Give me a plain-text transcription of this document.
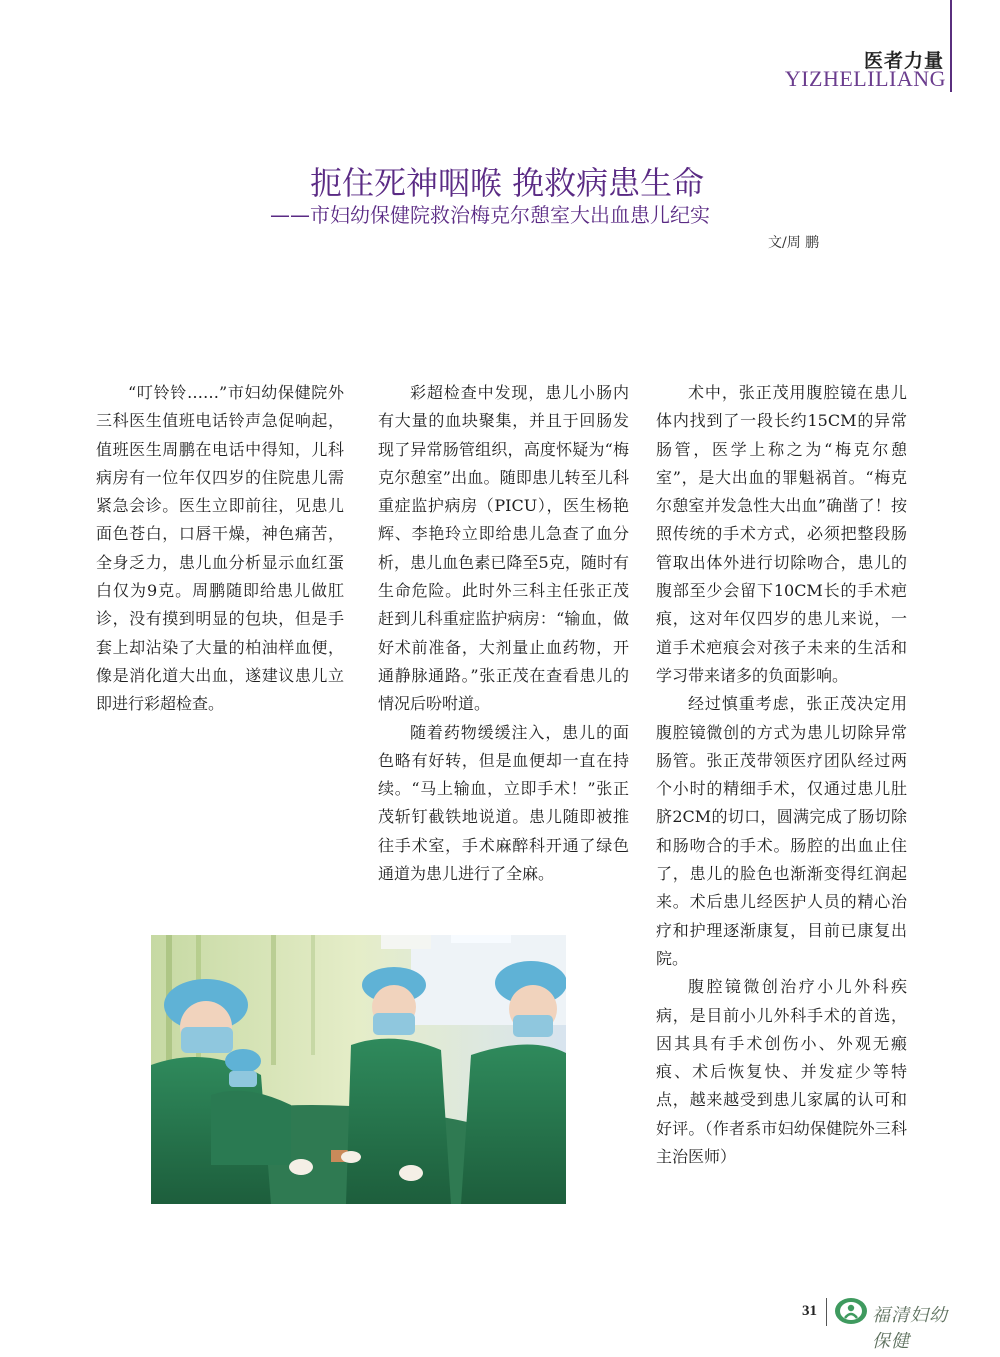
医者力量
YIZHELILIANG
扼住死神咽喉 挽救病患生命
——市妇幼保健院救治梅克尔憩室大出血患儿纪实
文/周 鹏

“叮铃铃……”市妇幼保健院外三科医生值班电话铃声急促响起，值班医生周鹏在电话中得知，儿科病房有一位年仅四岁的住院患儿需紧急会诊。医生立即前往，见患儿面色苍白，口唇干燥，神色痛苦，全身乏力，患儿血分析显示血红蛋白仅为9克。周鹏随即给患儿做肛诊，没有摸到明显的包块，但是手套上却沾染了大量的柏油样血便，像是消化道大出血，遂建议患儿立即进行彩超检查。

彩超检查中发现，患儿小肠内有大量的血块聚集，并且于回肠发现了异常肠管组织，高度怀疑为“梅克尔憩室”出血。随即患儿转至儿科重症监护病房（PICU），医生杨艳辉、李艳玲立即给患儿急查了血分析，患儿血色素已降至5克，随时有生命危险。此时外三科主任张正茂赶到儿科重症监护病房：“输血，做好术前准备，大剂量止血药物，开通静脉通路。”张正茂在查看患儿的情况后吩咐道。

随着药物缓缓注入，患儿的面色略有好转，但是血便却一直在持续。“马上输血，立即手术！”张正茂斩钉截铁地说道。患儿随即被推往手术室，手术麻醉科开通了绿色通道为患儿进行了全麻。

术中，张正茂用腹腔镜在患儿体内找到了一段长约15CM的异常肠管，医学上称之为“梅克尔憩室”，是大出血的罪魁祸首。“梅克尔憩室并发急性大出血”确凿了！按照传统的手术方式，必须把整段肠管取出体外进行切除吻合，患儿的腹部至少会留下10CM长的手术疤痕，这对年仅四岁的患儿来说，一道手术疤痕会对孩子未来的生活和学习带来诸多的负面影响。

经过慎重考虑，张正茂决定用腹腔镜微创的方式为患儿切除异常肠管。张正茂带领医疗团队经过两个小时的精细手术，仅通过患儿肚脐2CM的切口，圆满完成了肠切除和肠吻合的手术。肠腔的出血止住了，患儿的脸色也渐渐变得红润起来。术后患儿经医护人员的精心治疗和护理逐渐康复，目前已康复出院。

腹腔镜微创治疗小儿外科疾病，是目前小儿外科手术的首选，因其具有手术创伤小、外观无瘢痕、术后恢复快、并发症少等特点，越来越受到患儿家属的认可和好评。（作者系市妇幼保健院外三科主治医师）

31	福清妇幼保健
